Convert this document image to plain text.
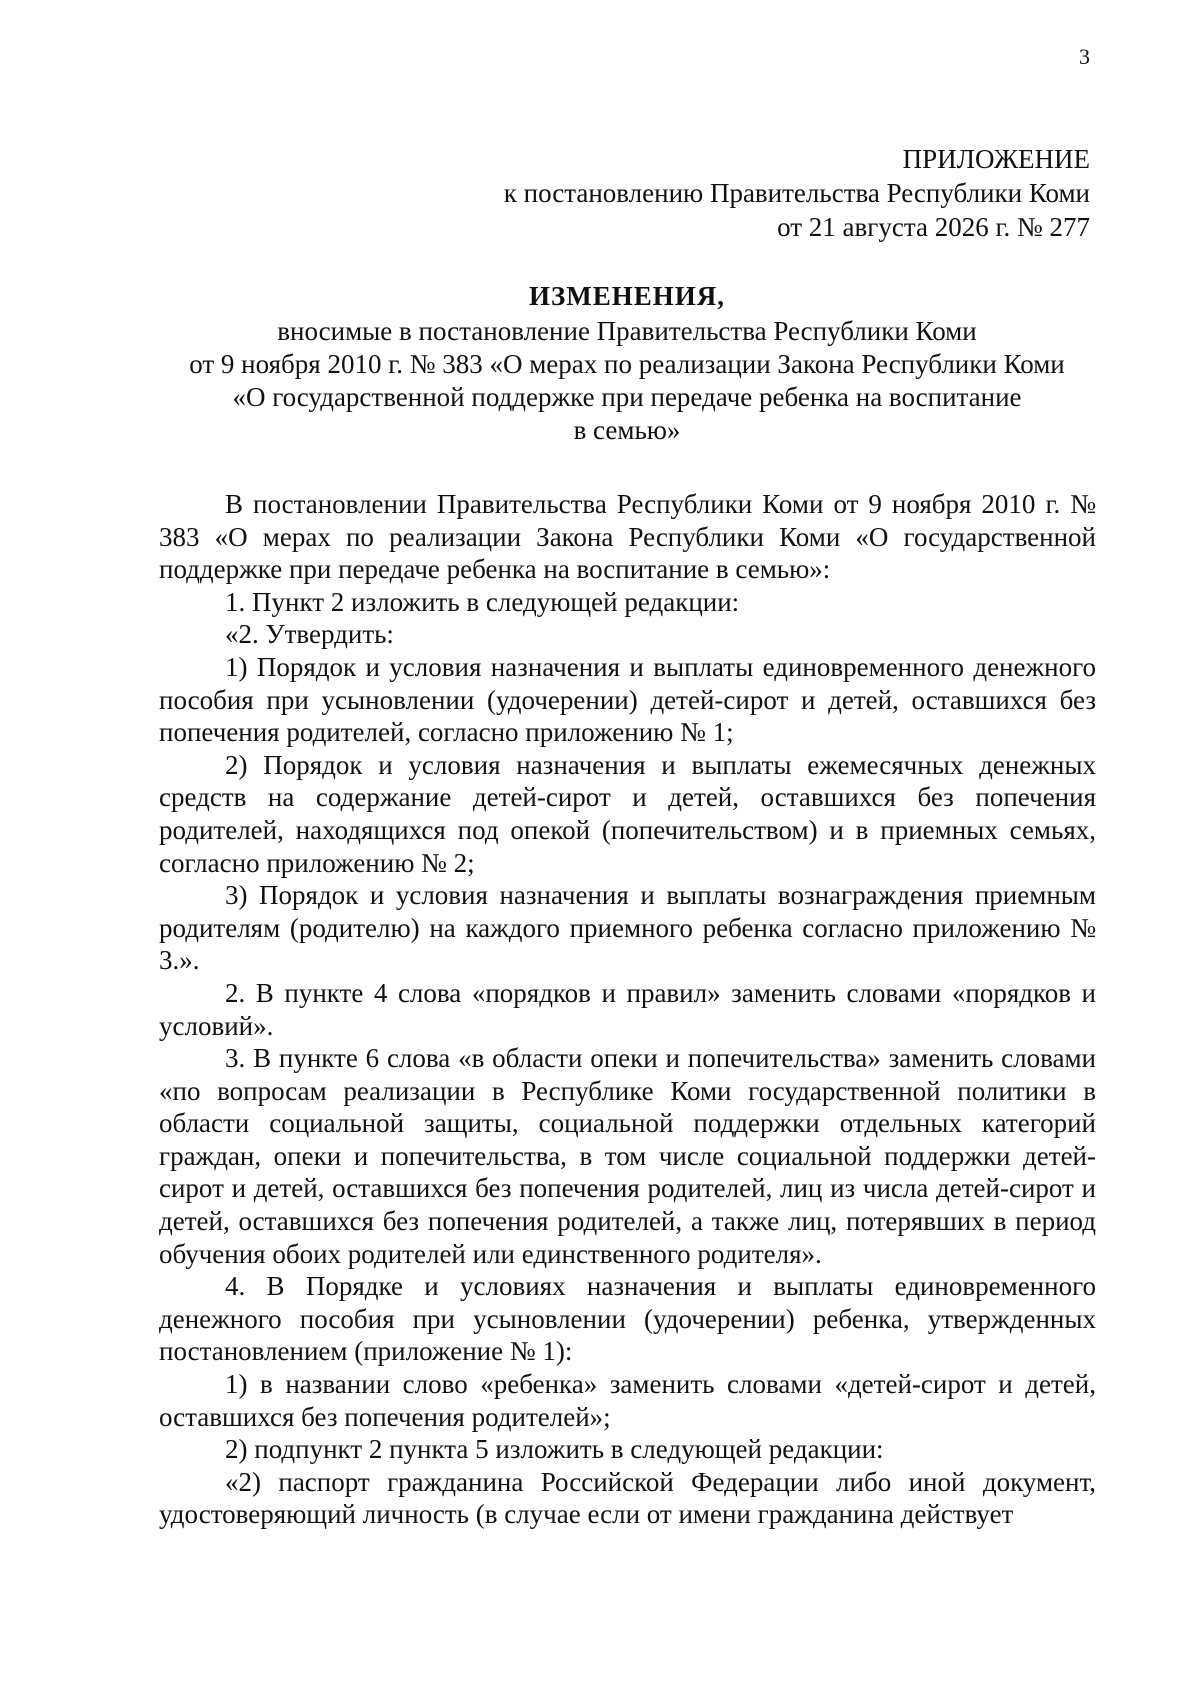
3
ПРИЛОЖЕНИЕ
к постановлению Правительства Республики Коми
от 21 августа 2026 г. № 277
ИЗМЕНЕНИЯ,
вносимые в постановление Правительства Республики Коми
от 9 ноября 2010 г. № 383 «О мерах по реализации Закона Республики Коми
«О государственной поддержке при передаче ребенка на воспитание
в семью»

В постановлении Правительства Республики Коми от 9 ноября 2010 г. № 383 «О мерах по реализации Закона Республики Коми «О государственной поддержке при передаче ребенка на воспитание в семью»:

1. Пункт 2 изложить в следующей редакции:

«2. Утвердить:

1) Порядок и условия назначения и выплаты единовременного денежного пособия при усыновлении (удочерении) детей-сирот и детей, оставшихся без попечения родителей, согласно приложению № 1;

2) Порядок и условия назначения и выплаты ежемесячных денежных средств на содержание детей-сирот и детей, оставшихся без попечения родителей, находящихся под опекой (попечительством) и в приемных семьях, согласно приложению № 2;

3) Порядок и условия назначения и выплаты вознаграждения приемным родителям (родителю) на каждого приемного ребенка согласно приложению № 3.».

2. В пункте 4 слова «порядков и правил» заменить словами «порядков и условий».

3. В пункте 6 слова «в области опеки и попечительства» заменить словами «по вопросам реализации в Республике Коми государственной политики в области социальной защиты, социальной поддержки отдельных категорий граждан, опеки и попечительства, в том числе социальной поддержки детей-сирот и детей, оставшихся без попечения родителей, лиц из числа детей-сирот и детей, оставшихся без попечения родителей, а также лиц, потерявших в период обучения обоих родителей или единственного родителя».

4. В Порядке и условиях назначения и выплаты единовременного денежного пособия при усыновлении (удочерении) ребенка, утвержденных постановлением (приложение № 1):

1) в названии слово «ребенка» заменить словами «детей-сирот и детей, оставшихся без попечения родителей»;

2) подпункт 2 пункта 5 изложить в следующей редакции:

«2) паспорт гражданина Российской Федерации либо иной документ, удостоверяющий личность (в случае если от имени гражданина действует
